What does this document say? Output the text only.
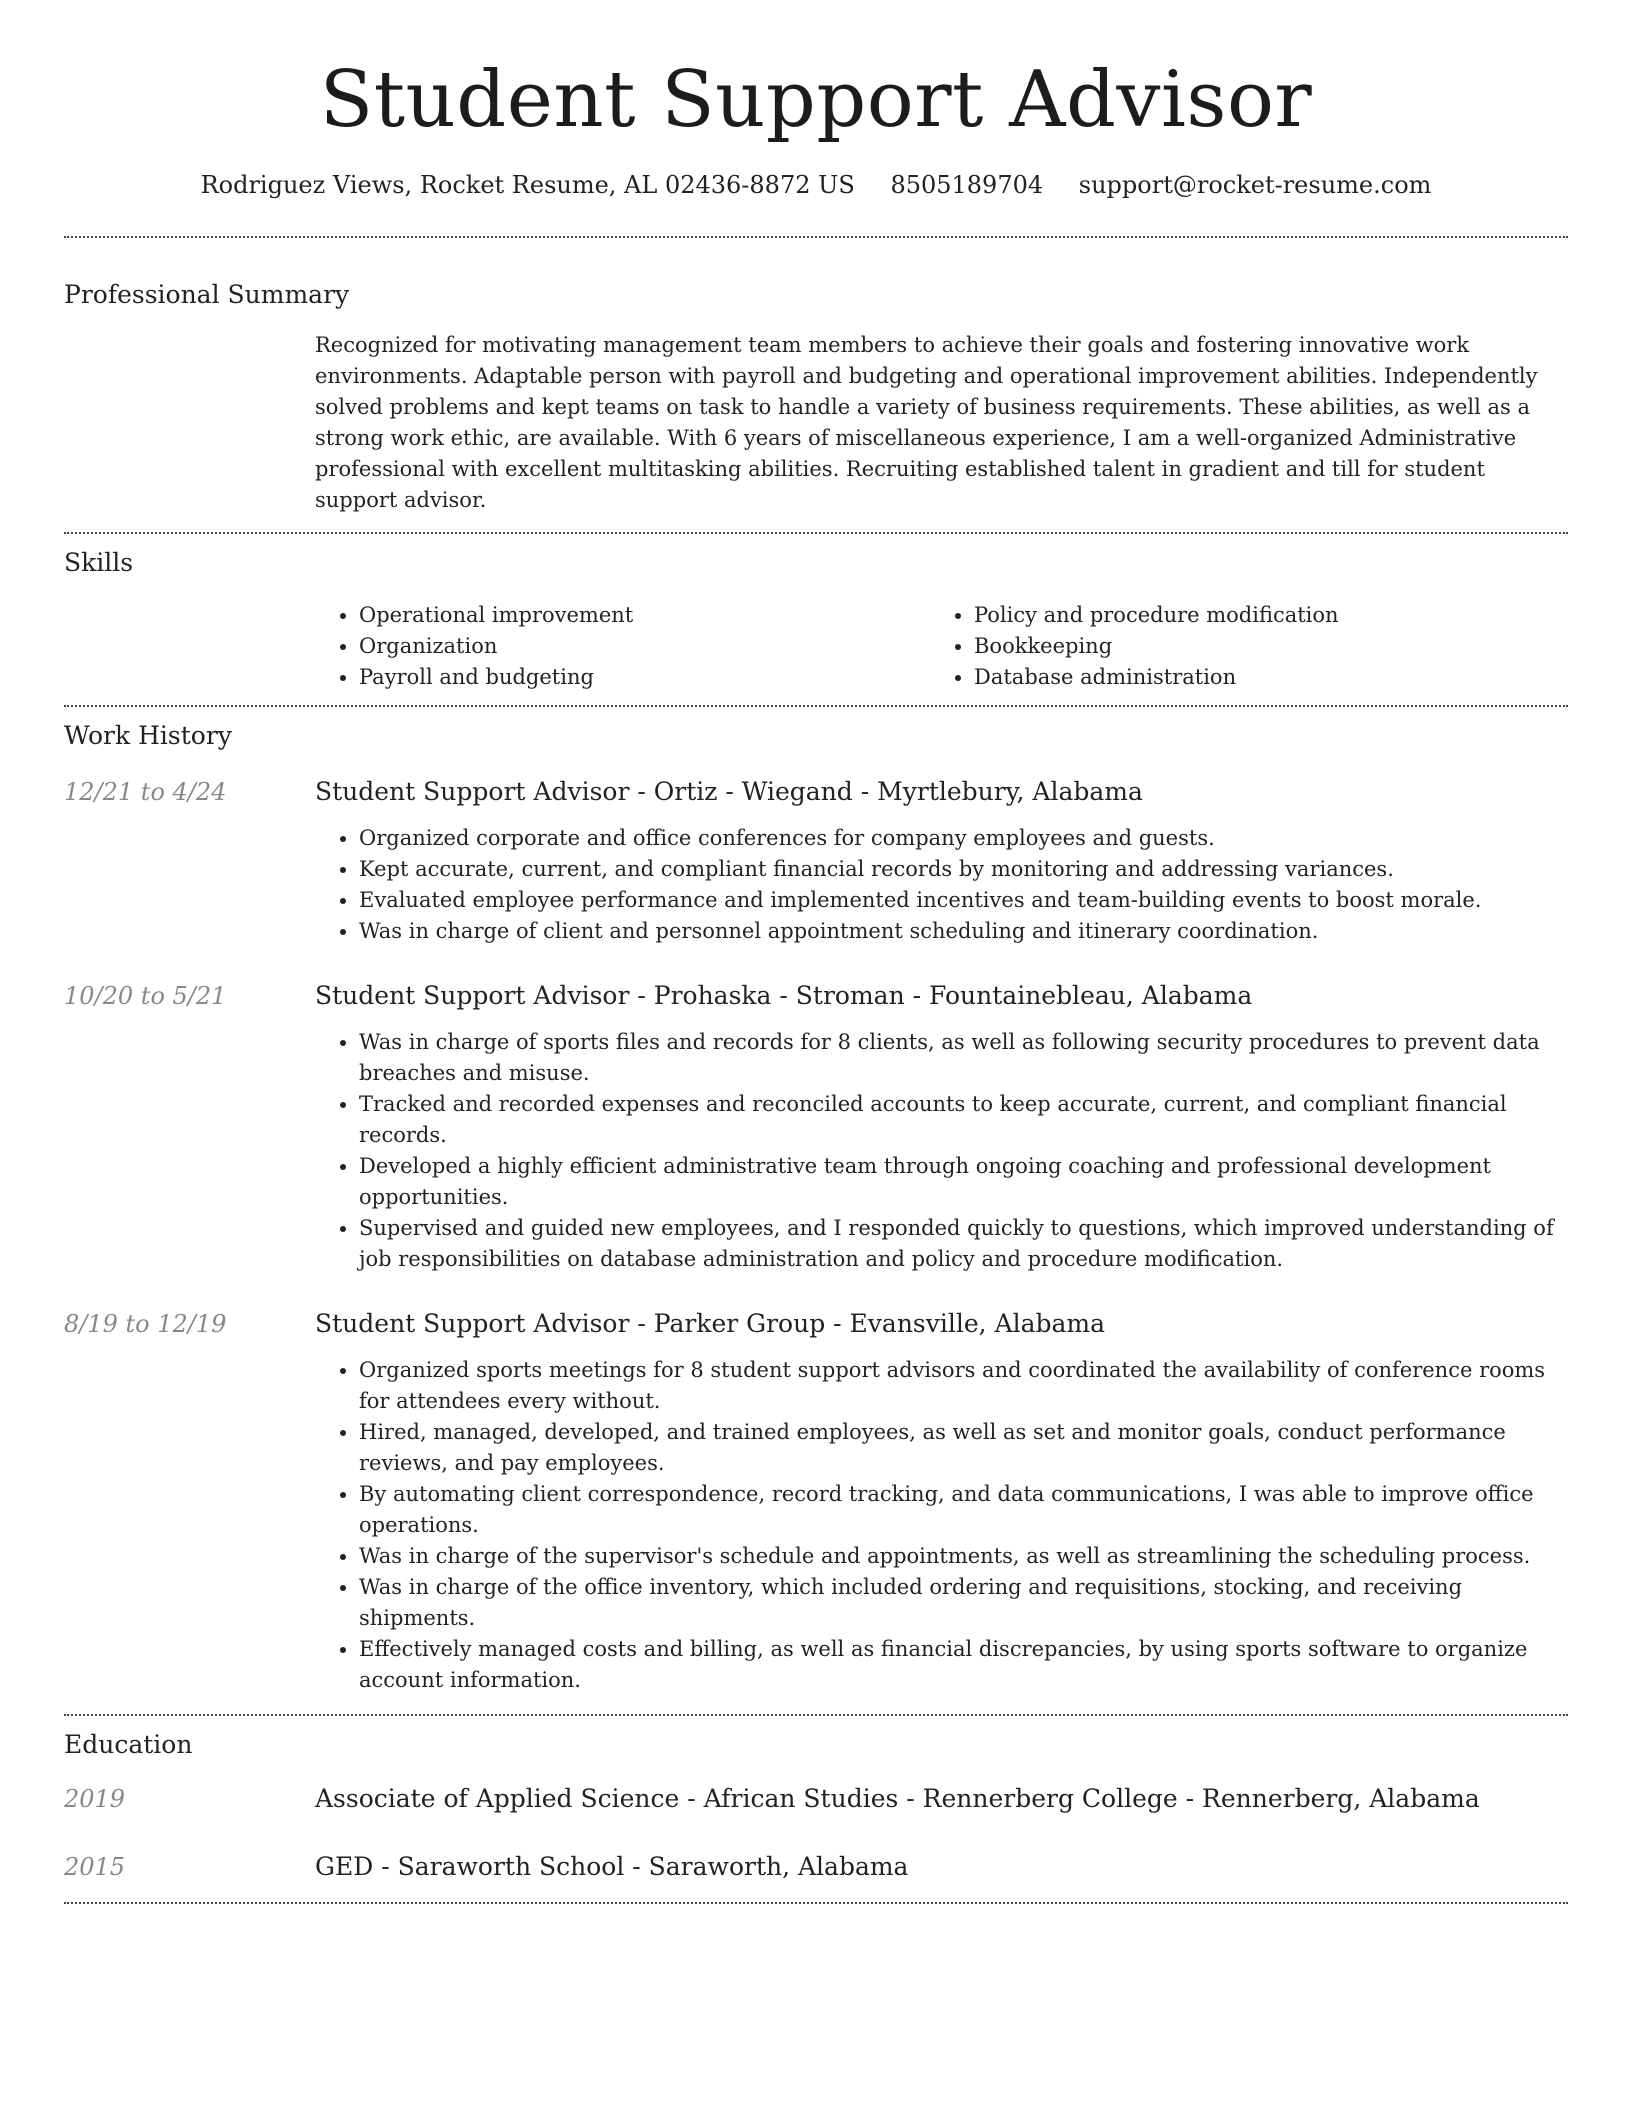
Student Support Advisor
Rodriguez Views, Rocket Resume, AL 02436-8872 US 8505189704 support@rocket-resume.com
Professional Summary
Recognized for motivating management team members to achieve their goals and fostering innovative work environments. Adaptable person with payroll and budgeting and operational improvement abilities. Independently solved problems and kept teams on task to handle a variety of business requirements. These abilities, as well as a strong work ethic, are available. With 6 years of miscellaneous experience, I am a well-organized Administrative professional with excellent multitasking abilities. Recruiting established talent in gradient and till for student support advisor.
Skills
• Operational improvement
• Organization
• Payroll and budgeting
• Policy and procedure modification
• Bookkeeping
• Database administration
Work History
12/21 to 4/24	Student Support Advisor - Ortiz - Wiegand - Myrtlebury, Alabama
• Organized corporate and office conferences for company employees and guests.
• Kept accurate, current, and compliant financial records by monitoring and addressing variances.
• Evaluated employee performance and implemented incentives and team-building events to boost morale.
• Was in charge of client and personnel appointment scheduling and itinerary coordination.
10/20 to 5/21	Student Support Advisor - Prohaska - Stroman - Fountainebleau, Alabama
• Was in charge of sports files and records for 8 clients, as well as following security procedures to prevent data breaches and misuse.
• Tracked and recorded expenses and reconciled accounts to keep accurate, current, and compliant financial records.
• Developed a highly efficient administrative team through ongoing coaching and professional development opportunities.
• Supervised and guided new employees, and I responded quickly to questions, which improved understanding of job responsibilities on database administration and policy and procedure modification.
8/19 to 12/19	Student Support Advisor - Parker Group - Evansville, Alabama
• Organized sports meetings for 8 student support advisors and coordinated the availability of conference rooms for attendees every without.
• Hired, managed, developed, and trained employees, as well as set and monitor goals, conduct performance reviews, and pay employees.
• By automating client correspondence, record tracking, and data communications, I was able to improve office operations.
• Was in charge of the supervisor's schedule and appointments, as well as streamlining the scheduling process.
• Was in charge of the office inventory, which included ordering and requisitions, stocking, and receiving shipments.
• Effectively managed costs and billing, as well as financial discrepancies, by using sports software to organize account information.
Education
2019	Associate of Applied Science - African Studies - Rennerberg College - Rennerberg, Alabama
2015	GED - Saraworth School - Saraworth, Alabama
